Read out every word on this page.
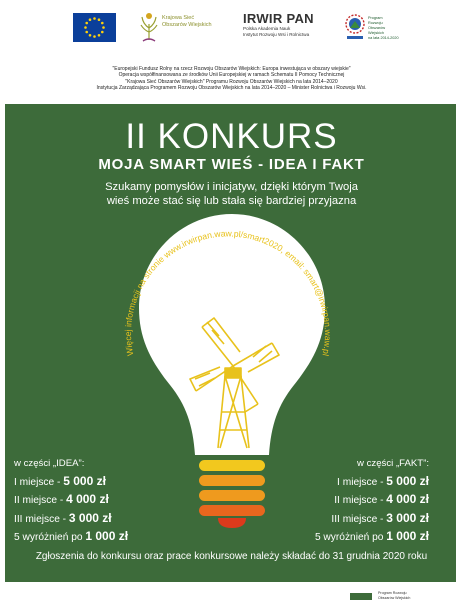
Krajowa Sieć
Obszarów Wiejskich IRWIR PAN
Polska Akademia Nauk
Instytut Rozwoju Wsi i Rolnictwa
Program
Rozwoju
Obszarów
Wiejskich
na lata 2014-2020
"Europejski Fundusz Rolny na rzecz Rozwoju Obszarów Wiejskich: Europa inwestująca w obszary wiejskie"
Operacja współfinansowana ze środków Unii Europejskiej w ramach Schematu II Pomocy Technicznej
"Krajowa Sieć Obszarów Wiejskich" Programu Rozwoju Obszarów Wiejskich na lata 2014–2020
Instytucja Zarządzająca Programem Rozwoju Obszarów Wiejskich na lata 2014–2020 – Minister Rolnictwa i Rozwoju Wsi.
II KONKURS
MOJA SMART WIEŚ - IDEA I FAKT
Szukamy pomysłów i inicjatyw, dzięki którym Twoja
wieś może stać się lub stała się bardziej przyjazna
Więcej informacji na stronie www.irwirpan.waw.pl/smart2020, email: smart@irwirpan.waw.pl
w części „IDEA”:
I miejsce - 5 000 zł
II miejsce - 4 000 zł
III miejsce - 3 000 zł
5 wyróżnień po 1 000 zł
w części „FAKT”:
I miejsce - 5 000 zł
II miejsce - 4 000 zł
III miejsce - 3 000 zł
5 wyróżnień po 1 000 zł
Zgłoszenia do konkursu oraz prace konkursowe należy składać do 31 grudnia 2020 roku
Program Rozwoju
Obszarów Wiejskich
